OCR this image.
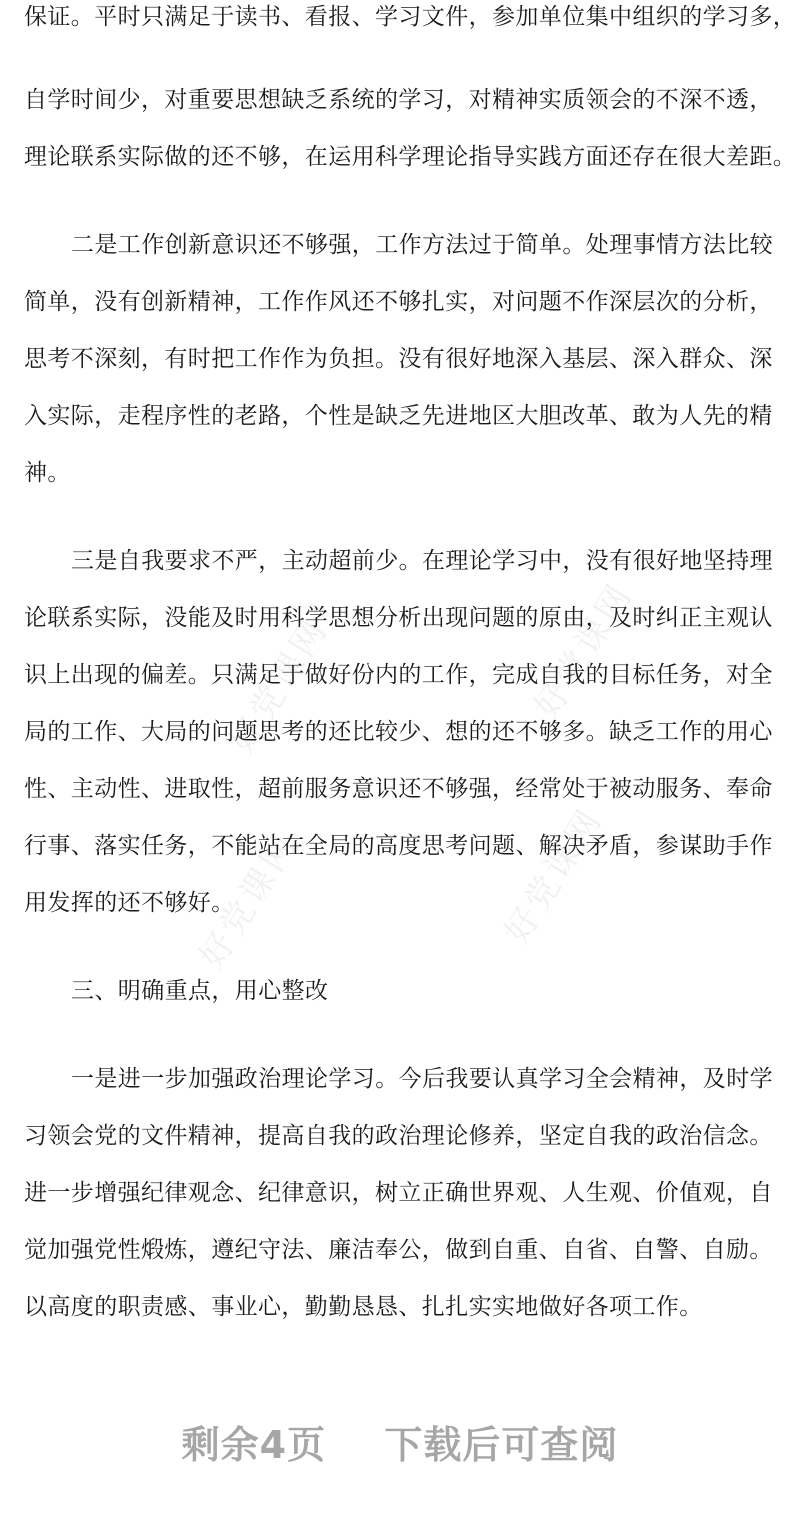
保证。平时只满足于读书、看报、学习文件，参加单位集中组织的学习多，
自学时间少，对重要思想缺乏系统的学习，对精神实质领会的不深不透，
理论联系实际做的还不够，在运用科学理论指导实践方面还存在很大差距。
二是工作创新意识还不够强，工作方法过于简单。处理事情方法比较
简单，没有创新精神，工作作风还不够扎实，对问题不作深层次的分析，
思考不深刻，有时把工作作为负担。没有很好地深入基层、深入群众、深
入实际，走程序性的老路，个性是缺乏先进地区大胆改革、敢为人先的精
神。
三是自我要求不严，主动超前少。在理论学习中，没有很好地坚持理
论联系实际，没能及时用科学思想分析出现问题的原由，及时纠正主观认
识上出现的偏差。只满足于做好份内的工作，完成自我的目标任务，对全
局的工作、大局的问题思考的还比较少、想的还不够多。缺乏工作的用心
性、主动性、进取性，超前服务意识还不够强，经常处于被动服务、奉命
行事、落实任务，不能站在全局的高度思考问题、解决矛盾，参谋助手作
用发挥的还不够好。
三、明确重点，用心整改
一是进一步加强政治理论学习。今后我要认真学习全会精神，及时学
习领会党的文件精神，提高自我的政治理论修养，坚定自我的政治信念。
进一步增强纪律观念、纪律意识，树立正确世界观、人生观、价值观，自
觉加强党性煅炼，遵纪守法、廉洁奉公，做到自重、自省、自警、自励。
以高度的职责感、事业心，勤勤恳恳、扎扎实实地做好各项工作。
好党课网	好党课网
好党课网	好党课网
剩余4页 下载后可查阅
